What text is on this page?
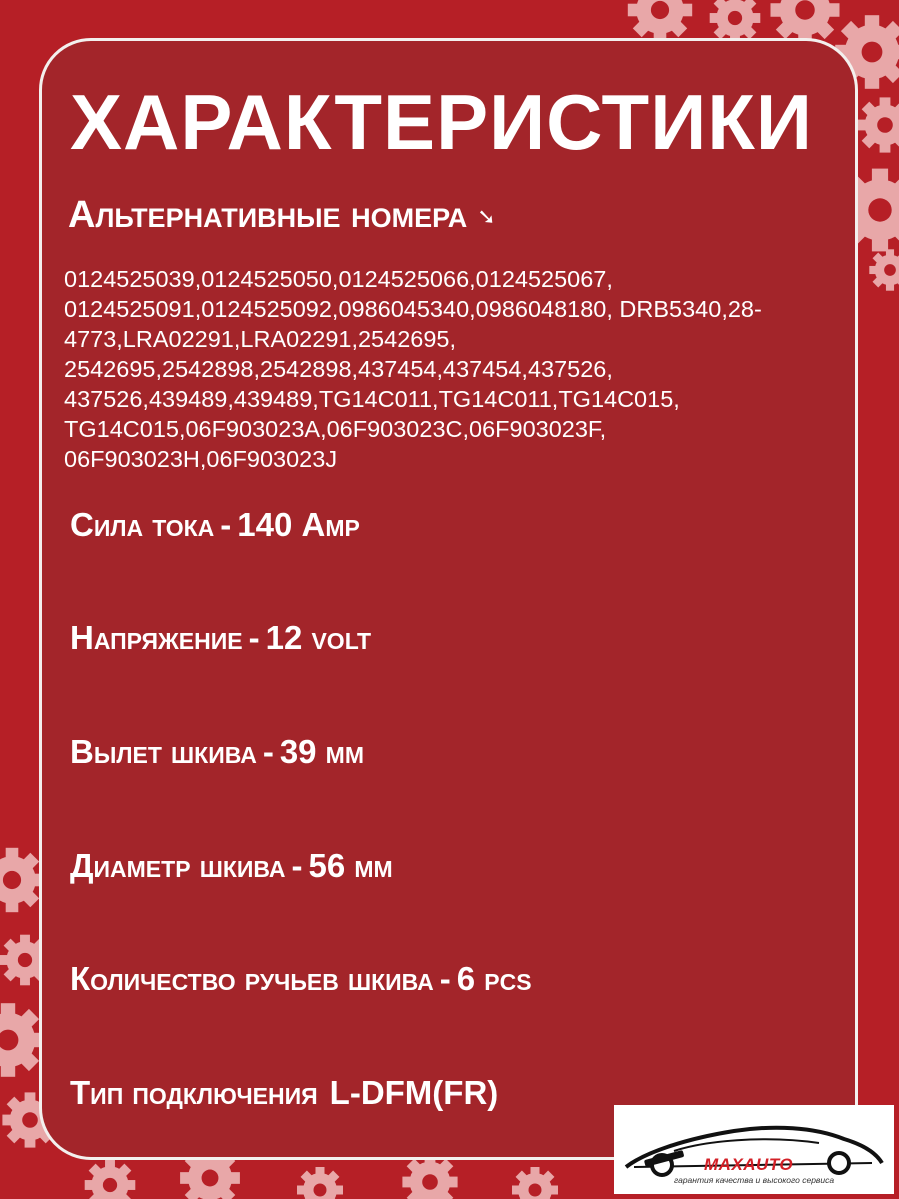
ХАРАКТЕРИСТИКИ
Альтернативные номера ➘

0124525039,0124525050,0124525066,0124525067, 0124525091,0124525092,0986045340,0986048180, DRB5340,28-4773,LRA02291,LRA02291,2542695, 2542695,2542898,2542898,437454,437454,437526, 437526,439489,439489,TG14C011,TG14C011,TG14C015, TG14C015,06F903023A,06F903023C,06F903023F, 06F903023H,06F903023J

Сила тока - 140 Amp

Напряжение - 12 volt

Вылет шкива - 39 мм

Диаметр шкива - 56 мм

Количество ручьев шкива - 6 pcs

Тип подключения L-DFM(FR)

MAXAUTO
гарантия качества и высокого сервиса
